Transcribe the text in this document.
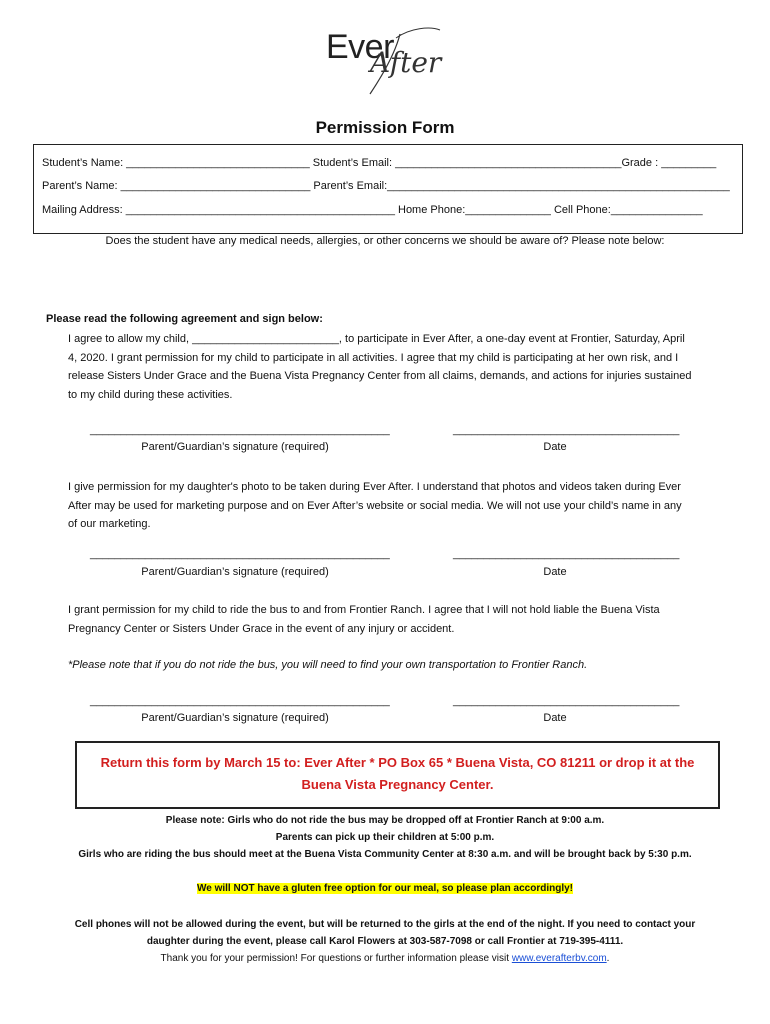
Ever
After
Permission Form
Student’s Name: ______________________________ Student’s Email: _____________________________________Grade : _________
Parent’s Name: _______________________________ Parent’s Email:________________________________________________________
Mailing Address: ____________________________________________ Home Phone:______________ Cell Phone:_______________
Does the student have any medical needs, allergies, or other concerns we should be aware of? Please note below:
Please read the following agreement and sign below:
I agree to allow my child, ________________________, to participate in Ever After, a one-day event at Frontier, Saturday, April
4, 2020. I grant permission for my child to participate in all activities. I agree that my child is participating at her own risk, and I
release Sisters Under Grace and the Buena Vista Pregnancy Center from all claims, demands, and actions for injuries sustained
to my child during these activities.
_________________________________________________	_____________________________________
Parent/Guardian’s signature (required)	Date
I give permission for my daughter's photo to be taken during Ever After. I understand that photos and videos taken during Ever
After may be used for marketing purpose and on Ever After’s website or social media. We will not use your child’s name in any
of our marketing.
_________________________________________________	_____________________________________
Parent/Guardian’s signature (required)	Date
I grant permission for my child to ride the bus to and from Frontier Ranch. I agree that I will not hold liable the Buena Vista
Pregnancy Center or Sisters Under Grace in the event of any injury or accident.
*Please note that if you do not ride the bus, you will need to find your own transportation to Frontier Ranch.
_________________________________________________	_____________________________________
Parent/Guardian’s signature (required)	Date
Return this form by March 15 to: Ever After * PO Box 65 * Buena Vista, CO 81211 or drop it at the
Buena Vista Pregnancy Center.
Please note: Girls who do not ride the bus may be dropped off at Frontier Ranch at 9:00 a.m.
Parents can pick up their children at 5:00 p.m.
Girls who are riding the bus should meet at the Buena Vista Community Center at 8:30 a.m. and will be brought back by 5:30 p.m.
We will NOT have a gluten free option for our meal, so please plan accordingly!
Cell phones will not be allowed during the event, but will be returned to the girls at the end of the night. If you need to contact your
daughter during the event, please call Karol Flowers at 303-587-7098 or call Frontier at 719-395-4111.
Thank you for your permission! For questions or further information please visit www.everafterbv.com.
